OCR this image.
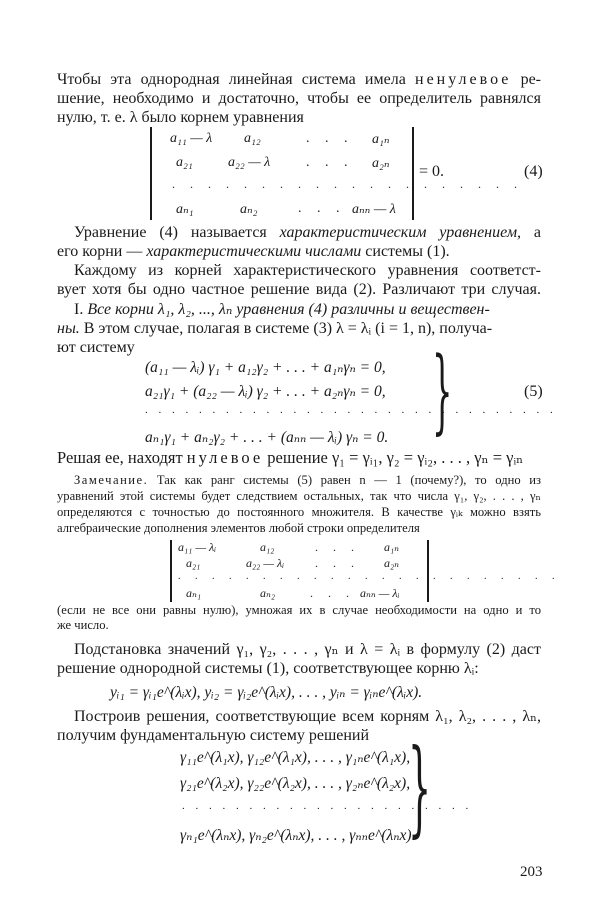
Чтобы эта однородная линейная система имела ненулевое ре-
шение, необходимо и достаточно, чтобы ее определитель равнялся
нулю, т. е. λ было корнем уравнения
a₁₁ — λ a₁₂	. . . a₁ₙ
a₂₁	a₂₂ — λ	. . . a₂ₙ
. . . . . . . . . . . . . . . . . . . .
aₙ₁	aₙ₂	. . . aₙₙ — λ
= 0.	(4)
Уравнение (4) называется характеристическим уравнением, а
его корни — характеристическими числами системы (1).
Каждому из корней характеристического уравнения соответст-
вует хотя бы одно частное решение вида (2). Различают три случая.
I. Все корни λ₁, λ₂, ..., λₙ уравнения (4) различны и веществен-
ны. В этом случае, полагая в системе (3) λ = λᵢ (i = 1, n), получа-
ют систему
(a₁₁ — λᵢ) γ₁ + a₁₂γ₂ + . . . + a₁ₙγₙ = 0,
a₂₁γ₁ + (a₂₂ — λᵢ) γ₂ + . . . + a₂ₙγₙ = 0,
. . . . . . . . . . . . . . . . . . . . . . . . . . . . . . .
aₙ₁γ₁ + aₙ₂γ₂ + . . . + (aₙₙ — λᵢ) γₙ = 0. }	(5)
Решая ее, находят нулевое решение γ₁ = γᵢ₁, γ₂ = γᵢ₂, . . . , γₙ = γᵢₙ
Замечание. Так как ранг системы (5) равен n — 1 (почему?), то одно из
уравнений этой системы будет следствием остальных, так что числа γ₁, γ₂, . . . , γₙ
определяются с точностью до постоянного множителя. В качестве γᵢₖ можно взять
алгебраические дополнения элементов любой строки определителя
a₁₁ — λᵢ	a₁₂	. . . a₁ₙ
a₂₁	a₂₂ — λᵢ	. . . a₂ₙ
. . . . . . . . . . . . . . . . . . . . . . .
aₙ₁	aₙ₂	. . . aₙₙ — λᵢ
(если не все они равны нулю), умножая их в случае необходимости на одно и то
же число.
Подстановка значений γ₁, γ₂, . . . , γₙ и λ = λᵢ в формулу (2) даст
решение однородной системы (1), соответствующее корню λᵢ:
yᵢ₁ = γᵢ₁e^(λᵢx), yᵢ₂ = γᵢ₂e^(λᵢx), . . . , yᵢₙ = γᵢₙe^(λᵢx).
Построив решения, соответствующие всем корням λ₁, λ₂, . . . , λₙ,
получим фундаментальную систему решений
γ₁₁e^(λ₁x), γ₁₂e^(λ₁x), . . . , γ₁ₙe^(λ₁x),
γ₂₁e^(λ₂x), γ₂₂e^(λ₂x), . . . , γ₂ₙe^(λ₂x),
. . . . . . . . . . . . . . . . . . . . . .
γₙ₁e^(λₙx), γₙ₂e^(λₙx), . . . , γₙₙe^(λₙx).
}
203
